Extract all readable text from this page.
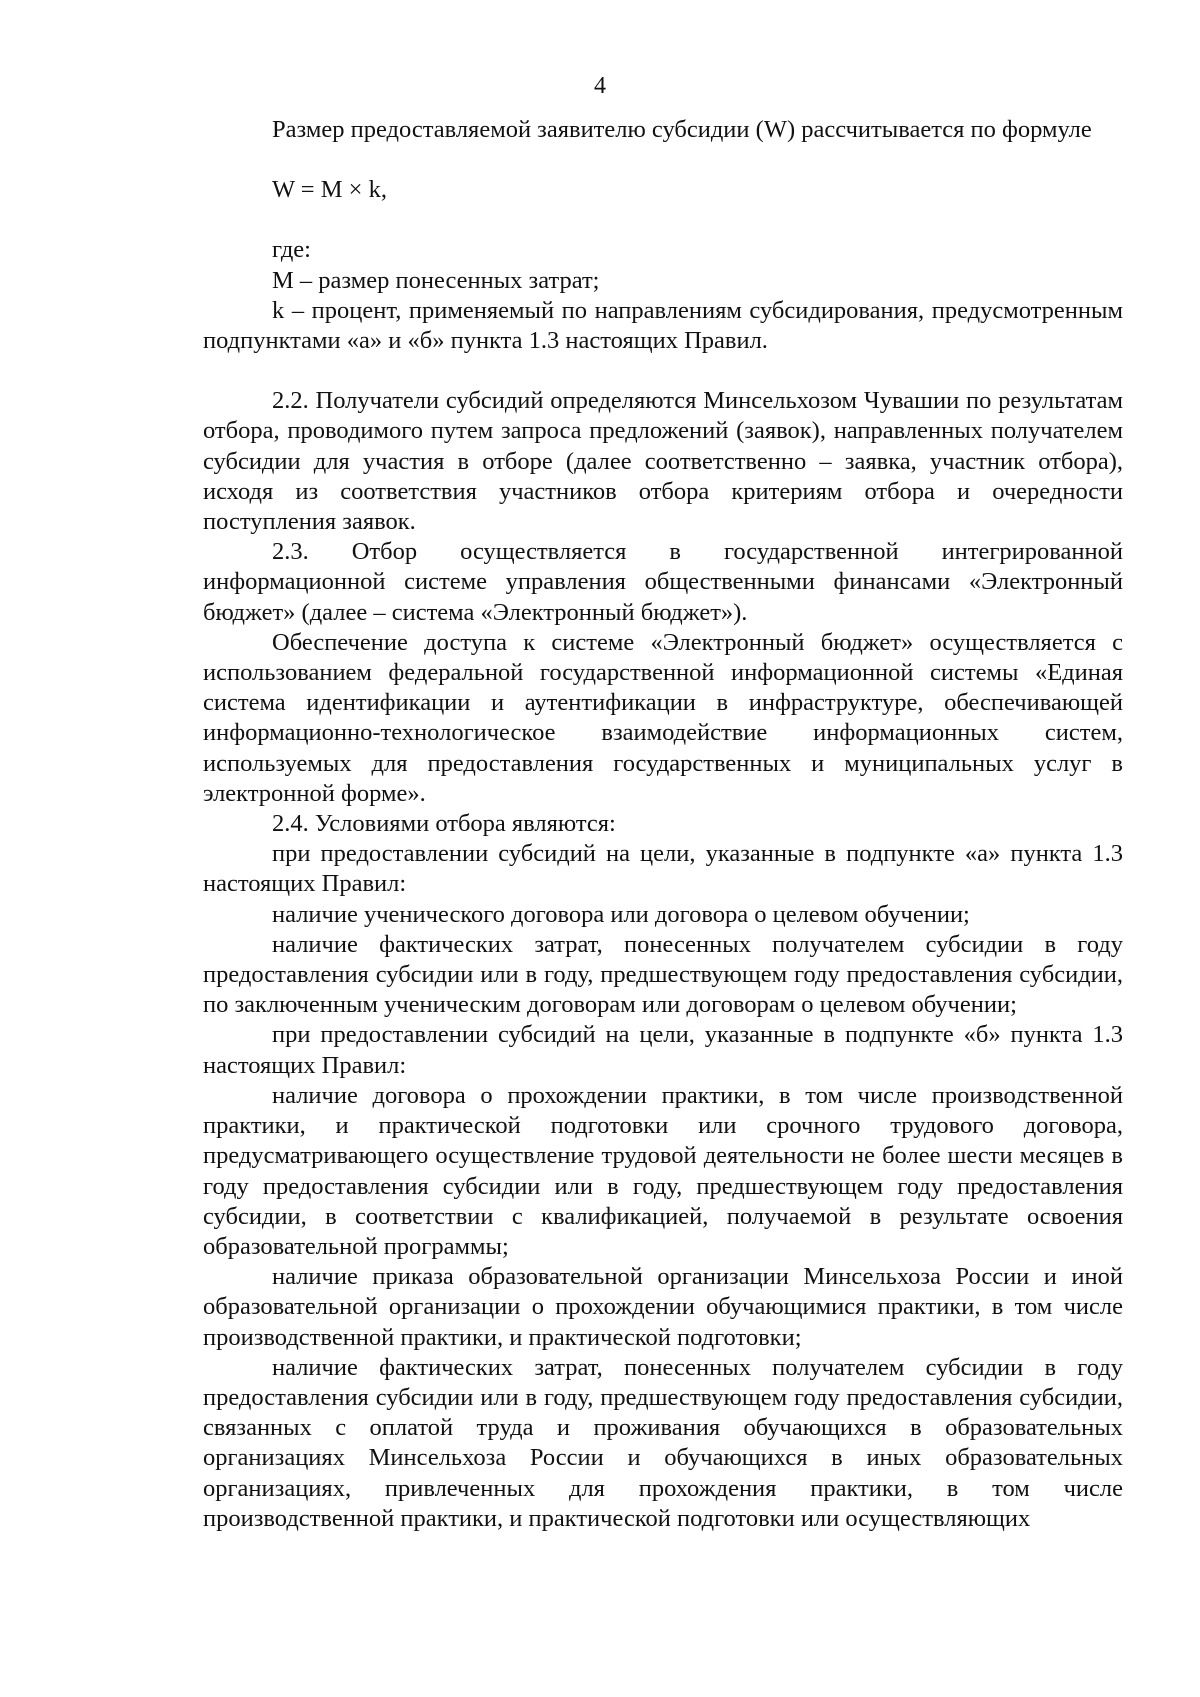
4

Размер предоставляемой заявителю субсидии (W) рассчитывается по формуле

W = M × k,

где:

M – размер понесенных затрат;

k – процент, применяемый по направлениям субсидирования, предусмотренным подпунктами «а» и «б» пункта 1.3 настоящих Правил.

2.2. Получатели субсидий определяются Минсельхозом Чувашии по результатам отбора, проводимого путем запроса предложений (заявок), направленных получателем субсидии для участия в отборе (далее соответственно – заявка, участник отбора), исходя из соответствия участников отбора критериям отбора и очередности поступления заявок.

2.3. Отбор осуществляется в государственной интегрированной информационной системе управления общественными финансами «Электронный бюджет» (далее – система «Электронный бюджет»).

Обеспечение доступа к системе «Электронный бюджет» осуществляется с использованием федеральной государственной информационной системы «Единая система идентификации и аутентификации в инфраструктуре, обеспечивающей информационно-технологическое взаимодействие информационных систем, используемых для предоставления государственных и муниципальных услуг в электронной форме».

2.4. Условиями отбора являются:

при предоставлении субсидий на цели, указанные в подпункте «а» пункта 1.3 настоящих Правил:

наличие ученического договора или договора о целевом обучении;

наличие фактических затрат, понесенных получателем субсидии в году предоставления субсидии или в году, предшествующем году предоставления субсидии, по заключенным ученическим договорам или договорам о целевом обучении;

при предоставлении субсидий на цели, указанные в подпункте «б» пункта 1.3 настоящих Правил:

наличие договора о прохождении практики, в том числе производственной практики, и практической подготовки или срочного трудового договора, предусматривающего осуществление трудовой деятельности не более шести месяцев в году предоставления субсидии или в году, предшествующем году предоставления субсидии, в соответствии с квалификацией, получаемой в результате освоения образовательной программы;

наличие приказа образовательной организации Минсельхоза России и иной образовательной организации о прохождении обучающимися практики, в том числе производственной практики, и практической подготовки;

наличие фактических затрат, понесенных получателем субсидии в году предоставления субсидии или в году, предшествующем году предоставления субсидии, связанных с оплатой труда и проживания обучающихся в образовательных организациях Минсельхоза России и обучающихся в иных образовательных организациях, привлеченных для прохождения практики, в том числе производственной практики, и практической подготовки или осуществляющих
